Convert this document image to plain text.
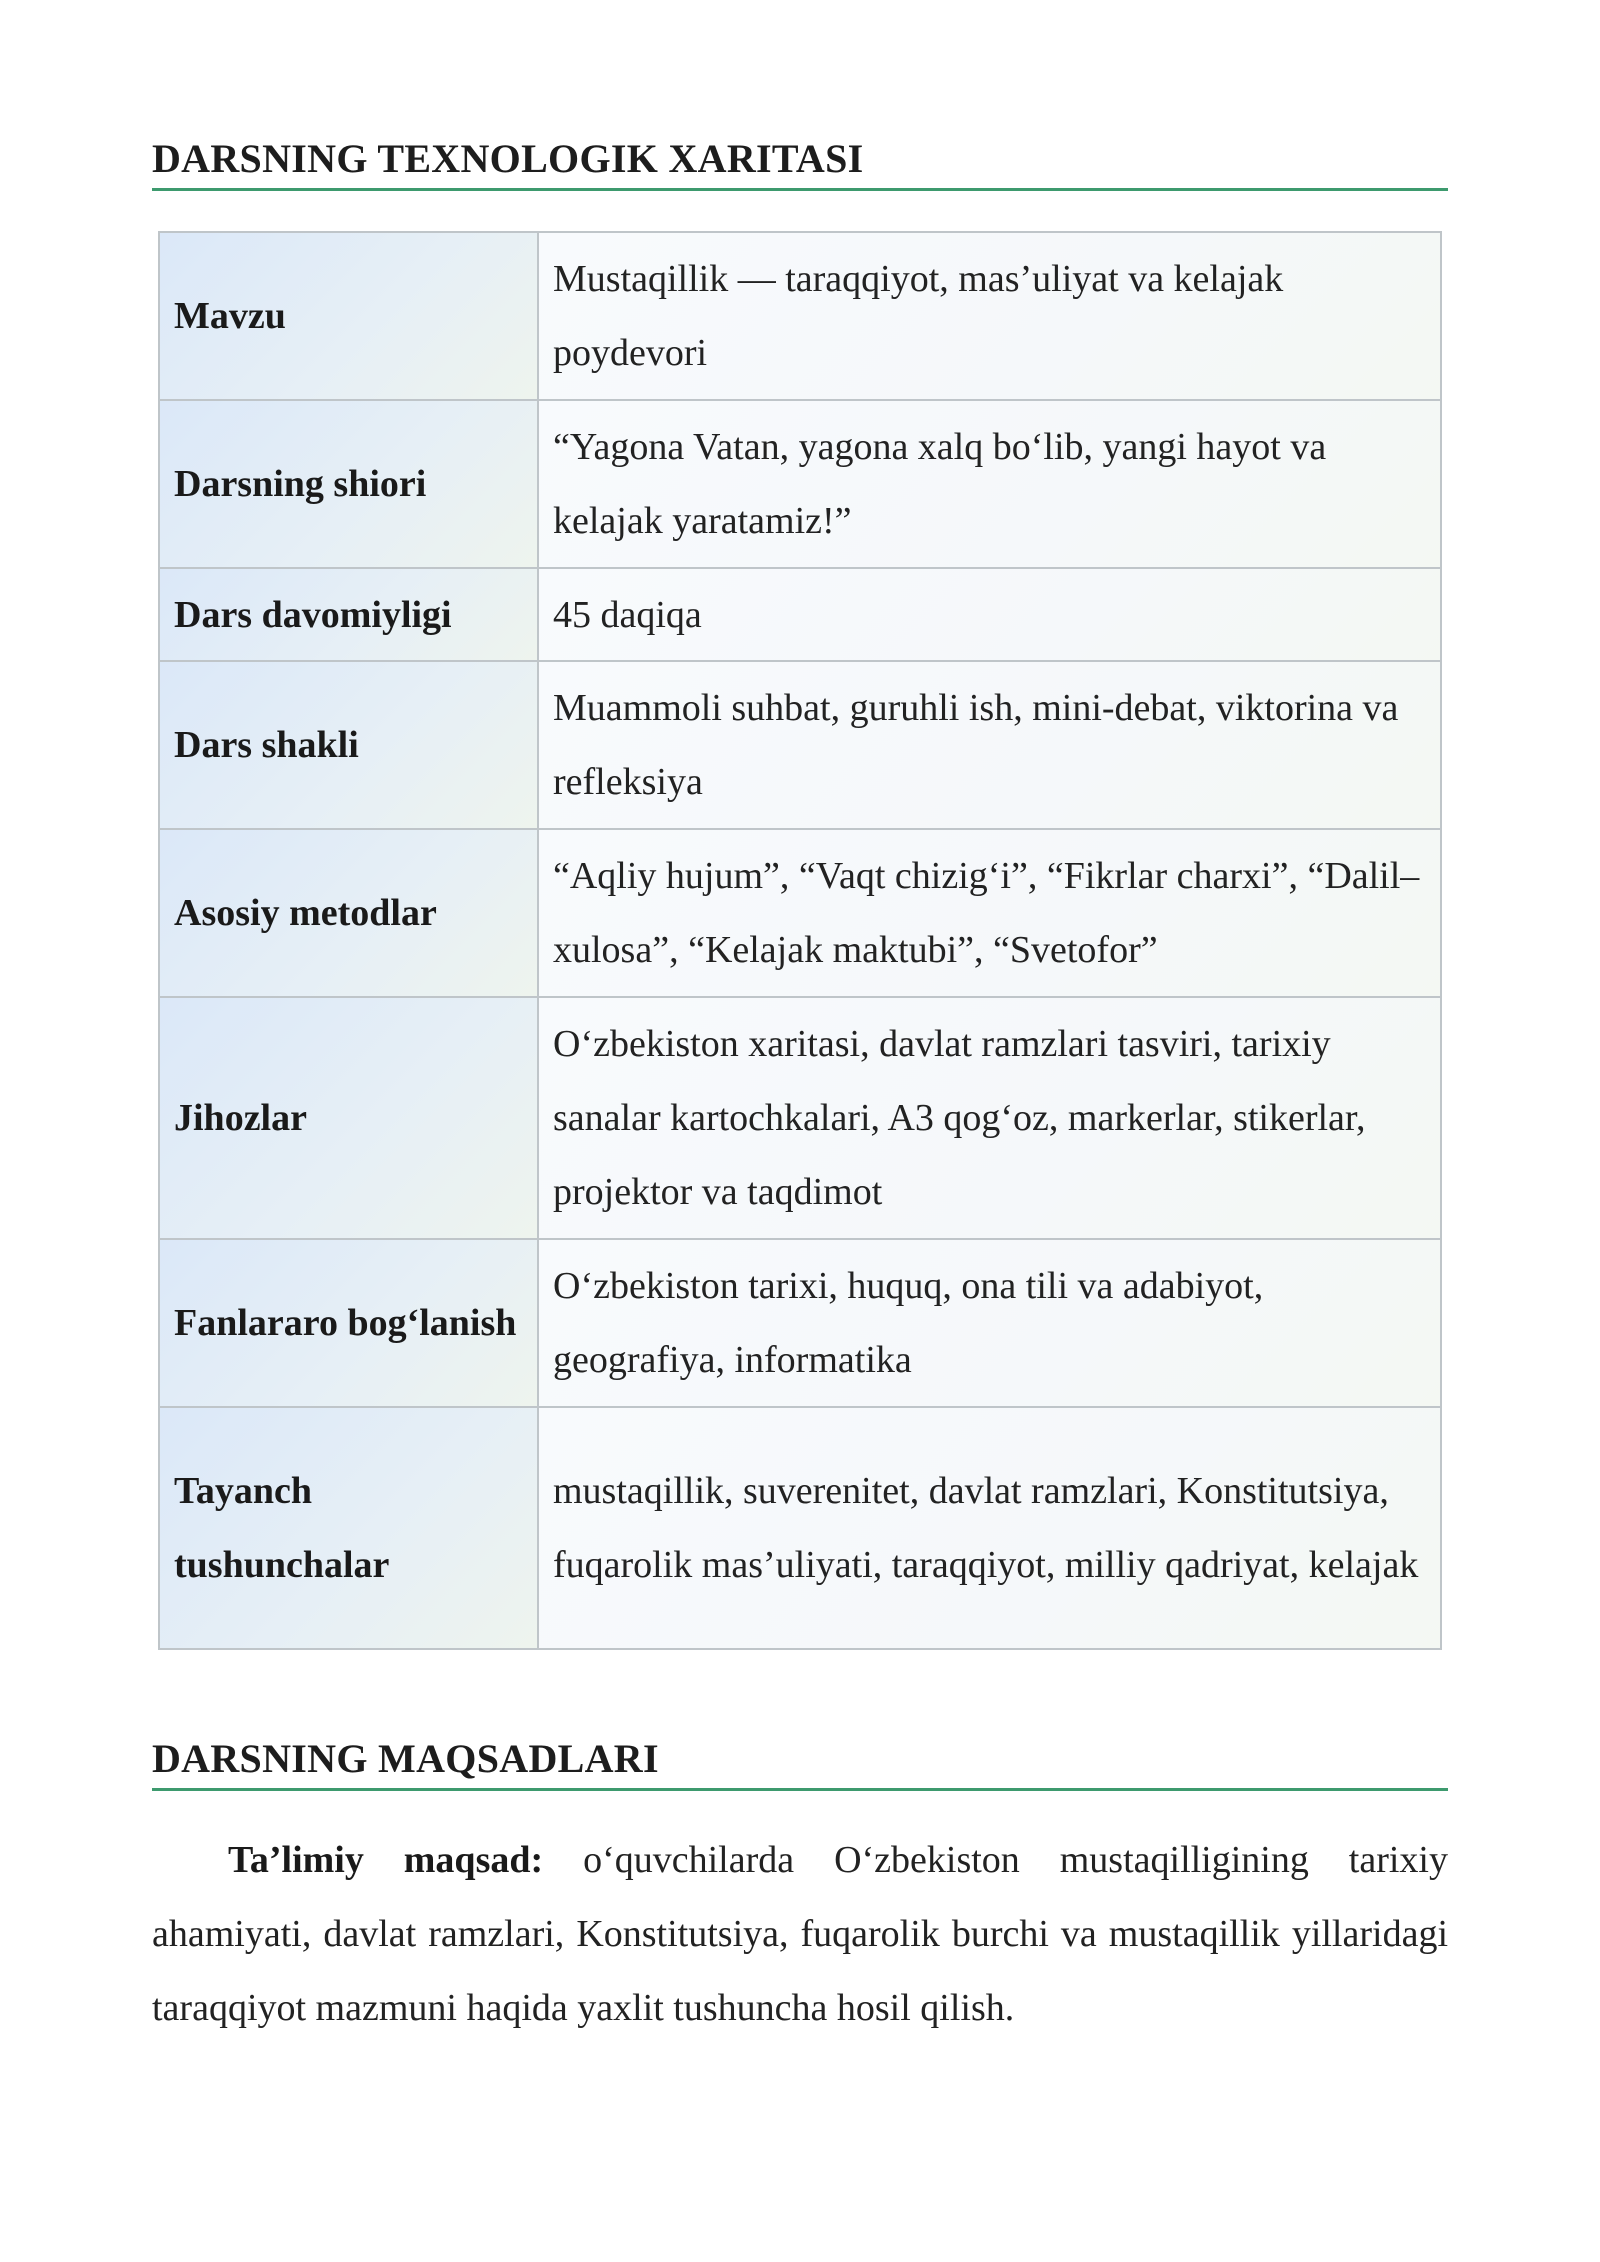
DARSNING TEXNOLOGIK XARITASI
Mavzu	Mustaqillik — taraqqiyot, mas’uliyat va kelajak poydevori
Darsning shiori	“Yagona Vatan, yagona xalq bo‘lib, yangi hayot va kelajak yaratamiz!”
Dars davomiyligi	45 daqiqa
Dars shakli	Muammoli suhbat, guruhli ish, mini-debat, viktorina va refleksiya
Asosiy metodlar	“Aqliy hujum”, “Vaqt chizig‘i”, “Fikrlar charxi”, “Dalil–xulosa”, “Kelajak maktubi”, “Svetofor”
Jihozlar	O‘zbekiston xaritasi, davlat ramzlari tasviri, tarixiy sanalar kartochkalari, A3 qog‘oz, markerlar, stikerlar, projektor va taqdimot
Fanlararo bog‘lanish	O‘zbekiston tarixi, huquq, ona tili va adabiyot, geografiya, informatika
Tayanch tushunchalar	mustaqillik, suverenitet, davlat ramzlari, Konstitutsiya, fuqarolik mas’uliyati, taraqqiyot, milliy qadriyat, kelajak
DARSNING MAQSADLARI

Ta’limiy maqsad: o‘quvchilarda O‘zbekiston mustaqilligining tarixiy ahamiyati, davlat ramzlari, Konstitutsiya, fuqarolik burchi va mustaqillik yillaridagi taraqqiyot mazmuni haqida yaxlit tushuncha hosil qilish.
